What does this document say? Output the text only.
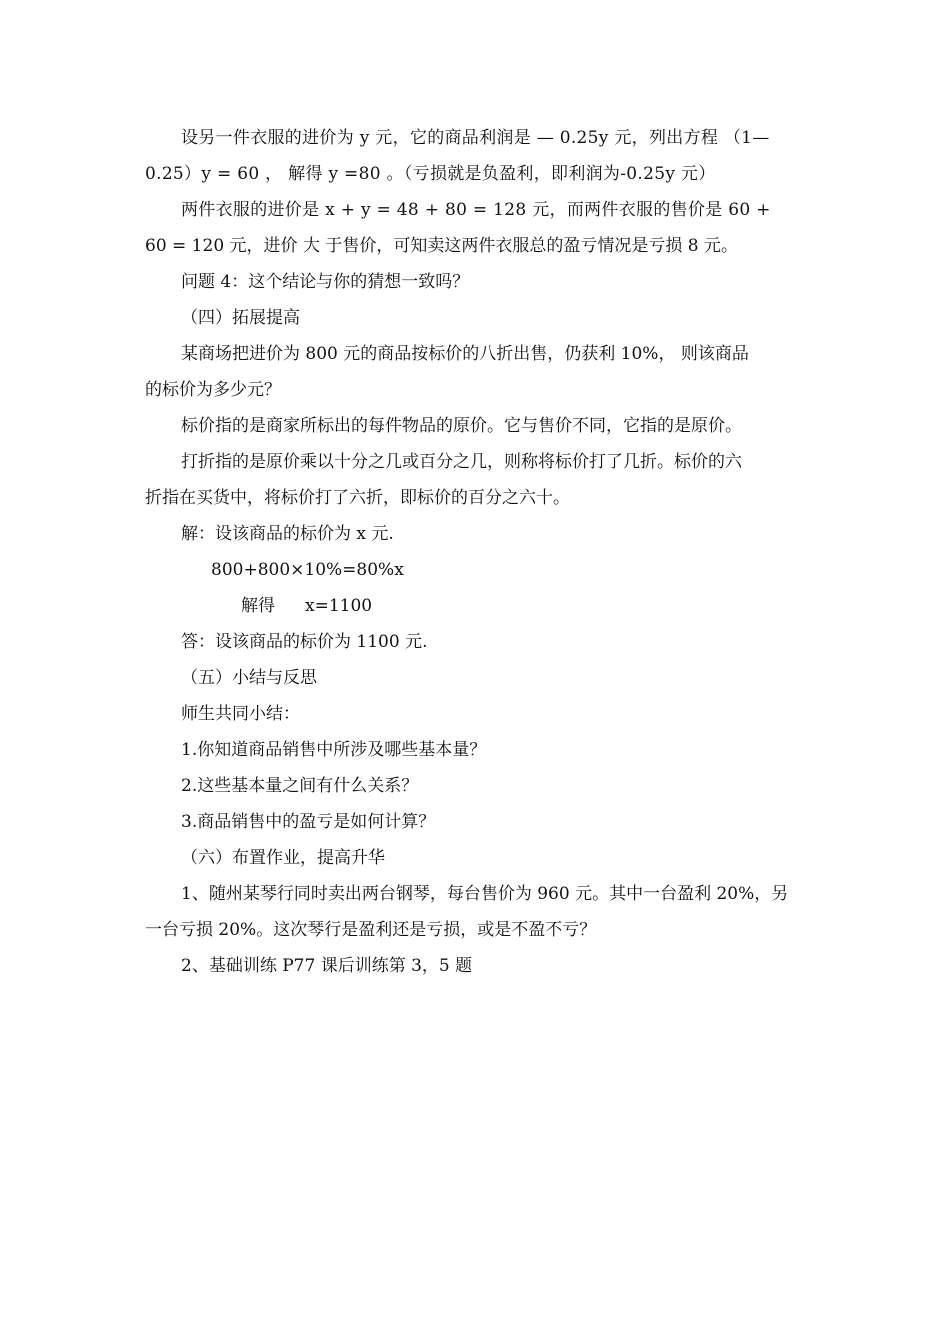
设另一件衣服的进价为 y 元，它的商品利润是 — 0.25y 元，列出方程 （1—
0.25）y = 60 ， 解得 y =80 。（亏损就是负盈利，即利润为-0.25y 元）
两件衣服的进价是 x + y = 48 + 80 = 128 元，而两件衣服的售价是 60 +
60 = 120 元，进价 大 于售价，可知卖这两件衣服总的盈亏情况是亏损 8 元。
问题 4：这个结论与你的猜想一致吗？
（四）拓展提高
某商场把进价为 800 元的商品按标价的八折出售，仍获利 10%， 则该商品
的标价为多少元？
标价指的是商家所标出的每件物品的原价。它与售价不同，它指的是原价。
打折指的是原价乘以十分之几或百分之几，则称将标价打了几折。标价的六
折指在买货中，将标价打了六折，即标价的百分之六十。
解：设该商品的标价为 x 元.
800+800×10%=80%x
解得 x=1100
答：设该商品的标价为 1100 元.
（五）小结与反思
师生共同小结：
1.你知道商品销售中所涉及哪些基本量？
2.这些基本量之间有什么关系？
3.商品销售中的盈亏是如何计算？
（六）布置作业，提高升华
1、随州某琴行同时卖出两台钢琴，每台售价为 960 元。其中一台盈利 20%，另
一台亏损 20%。这次琴行是盈利还是亏损，或是不盈不亏？
2、基础训练 P77 课后训练第 3，5 题
